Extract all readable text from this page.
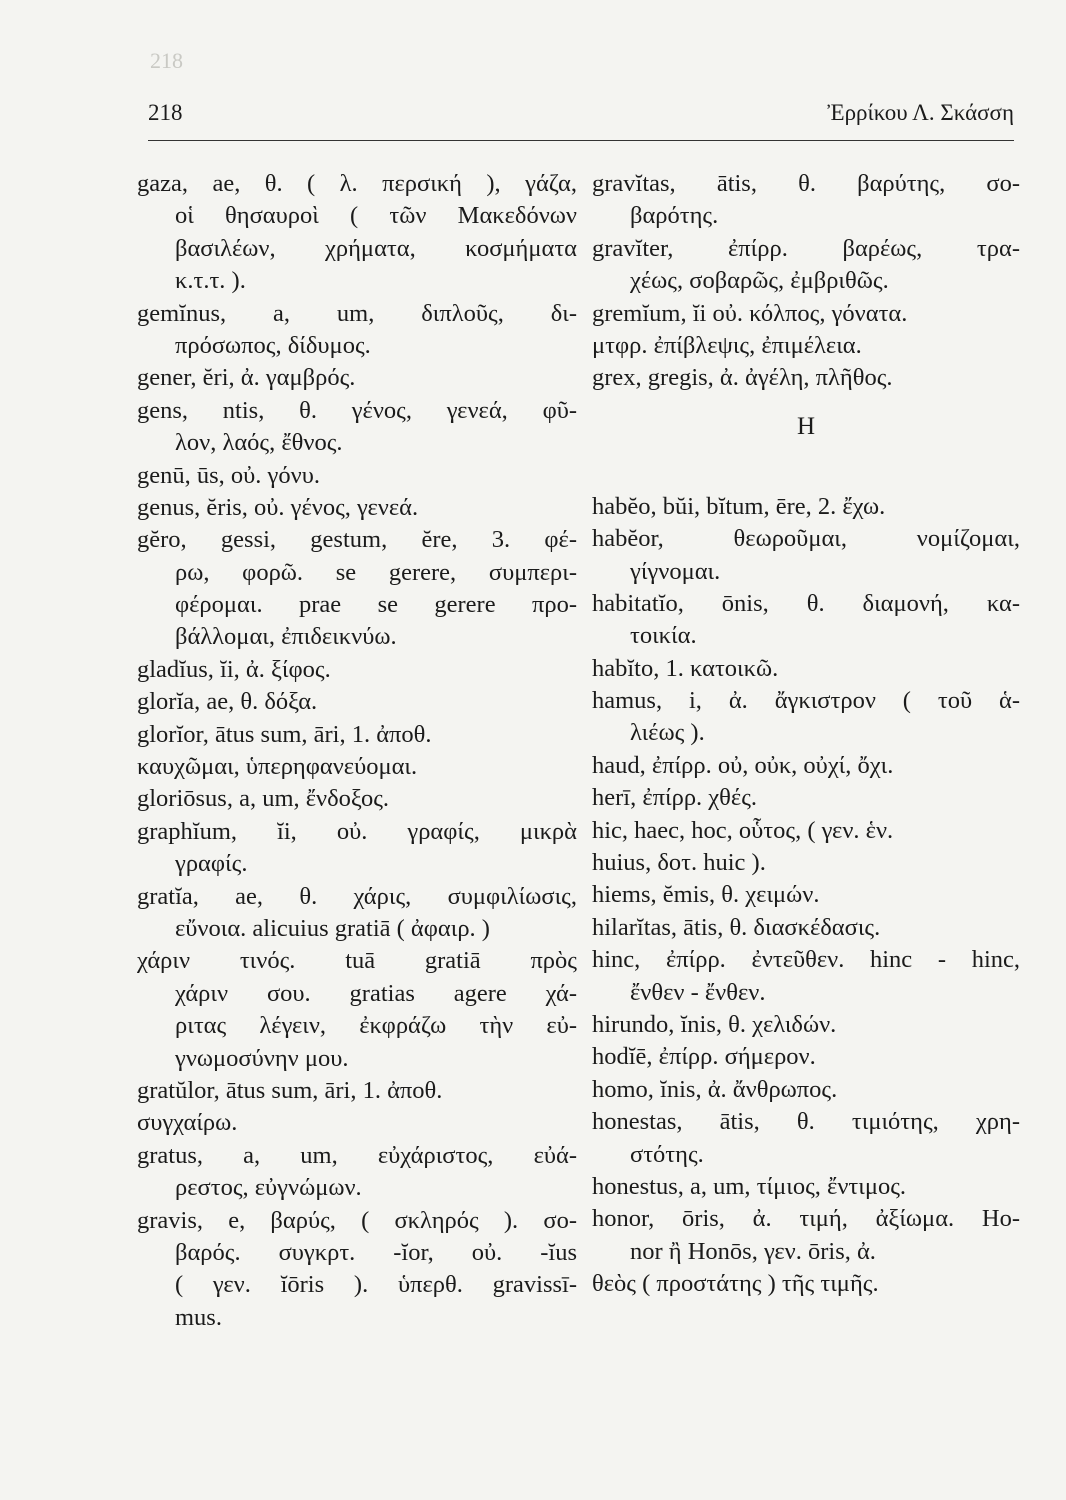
218
218	Ἐρρίκου Λ. Σκάσση
gaza, ae, θ. ( λ. περσική ), γάζα,
οἱ θησαυροὶ ( τῶν Μακεδόνων
βασιλέων, χρήματα, κοσμήματα
κ.τ.τ. ).
gemĭnus, a, um, διπλοῦς, δι-
πρόσωπος, δίδυμος.
gener, ĕri, ἀ. γαμβρός.
gens, ntis, θ. γένος, γενεά, φῦ-
λον, λαός, ἔθνος.
genū, ūs, οὐ. γόνυ.
genus, ĕris, οὐ. γένος, γενεά.
gĕro, gessi, gestum, ĕre, 3. φέ-
ρω, φορῶ. se gerere, συμπερι-
φέρομαι. prae se gerere προ-
βάλλομαι, ἐπιδεικνύω.
gladĭus, ĭi, ἀ. ξίφος.
glorĭa, ae, θ. δόξα.
glorĭor, ātus sum, āri, 1. ἀποθ.
καυχῶμαι, ὑπερηφανεύομαι.
gloriōsus, a, um, ἔνδοξος.
graphĭum, ĭi, οὐ. γραφίς, μικρὰ
γραφίς.
gratĭa, ae, θ. χάρις, συμφιλίωσις,
εὔνοια. alicuius gratiā ( ἀφαιρ. )
χάριν τινός. tuā gratiā πρὸς
χάριν σου. gratias agere χά-
ριτας λέγειν, ἐκφράζω τὴν εὐ-
γνωμοσύνην μου.
gratŭlor, ātus sum, āri, 1. ἀποθ.
συγχαίρω.
gratus, a, um, εὐχάριστος, εὐά-
ρεστος, εὐγνώμων.
gravis, e, βαρύς, ( σκληρός ). σο-
βαρός. συγκρτ. -ĭor, οὐ. -ĭus
( γεν. ĭōris ). ὑπερθ. gravissī-
mus.
gravĭtas, ātis, θ. βαρύτης, σο-
βαρότης.
gravĭter, ἐπίρρ. βαρέως, τρα-
χέως, σοβαρῶς, ἐμβριθῶς.
gremĭum, ĭi οὐ. κόλπος, γόνατα.
μτφρ. ἐπίβλεψις, ἐπιμέλεια.
grex, gregis, ἀ. ἀγέλη, πλῆθος.
H
habĕo, bŭi, bĭtum, ēre, 2. ἔχω.
habĕor, θεωροῦμαι, νομίζομαι,
γίγνομαι.
habitatĭo, ōnis, θ. διαμονή, κα-
τοικία.
habĭto, 1. κατοικῶ.
hamus, i, ἀ. ἄγκιστρον ( τοῦ ἁ-
λιέως ).
haud, ἐπίρρ. οὐ, οὐκ, οὐχί, ὄχι.
herī, ἐπίρρ. χθές.
hic, haec, hoc, οὗτος, ( γεν. ἑν.
huius, δοτ. huic ).
hiems, ĕmis, θ. χειμών.
hilarĭtas, ātis, θ. διασκέδασις.
hinc, ἐπίρρ. ἐντεῦθεν. hinc - hinc,
ἔνθεν - ἔνθεν.
hirundo, ĭnis, θ. χελιδών.
hodĭē, ἐπίρρ. σήμερον.
homo, ĭnis, ἀ. ἄνθρωπος.
honestas, ātis, θ. τιμιότης, χρη-
στότης.
honestus, a, um, τίμιος, ἔντιμος.
honor, ōris, ἀ. τιμή, ἀξίωμα. Ho-
nor ἢ Honōs, γεν. ōris, ἀ.
θεὸς ( προστάτης ) τῆς τιμῆς.
